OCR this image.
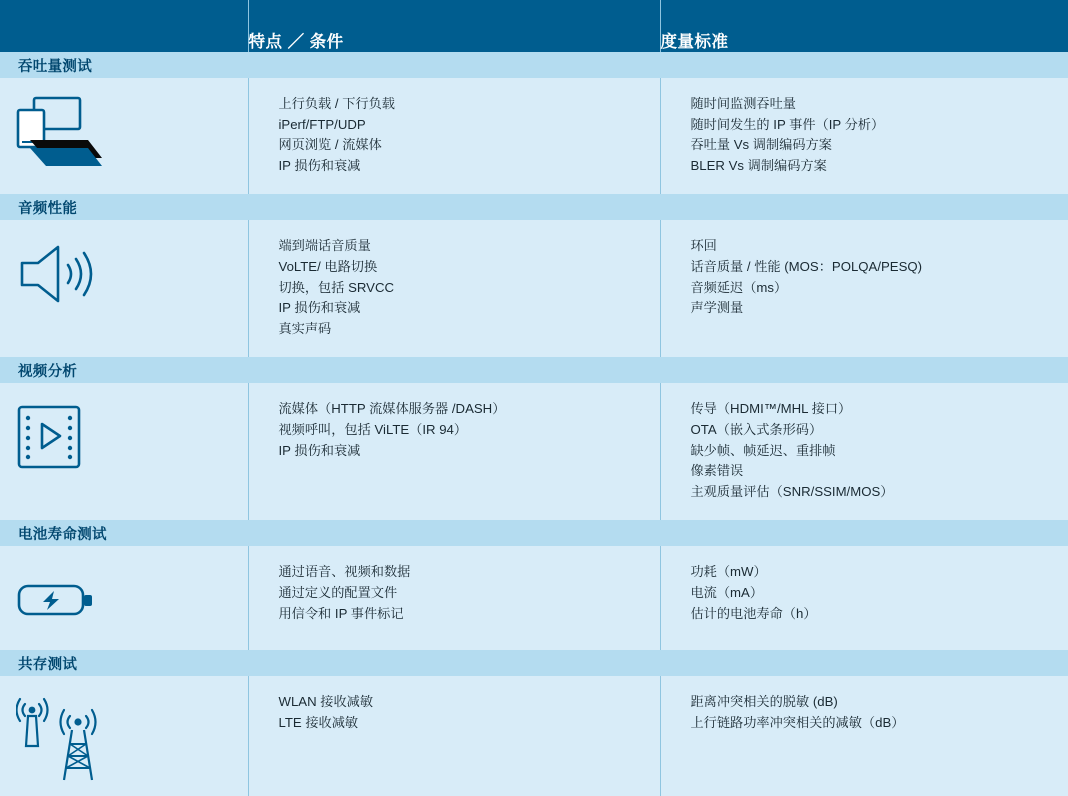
	特点 ／ 条件	度量标准

吞吐量测试		

上行负载 / 下行负载
iPerf/FTP/UDP
网页浏览 / 流媒体
IP 损伤和衰减

随时间监测吞吐量
随时间发生的 IP 事件（IP 分析）
吞吐量 Vs 调制编码方案
BLER Vs 调制编码方案

音频性能		

端到端话音质量
VoLTE/ 电路切换
切换，包括 SRVCC
IP 损伤和衰减
真实声码

环回
话音质量 / 性能 (MOS：POLQA/PESQ)
音频延迟（ms）
声学测量

视频分析		

流媒体（HTTP 流媒体服务器 /DASH）
视频呼叫，包括 ViLTE（IR 94）
IP 损伤和衰减

传导（HDMI™/MHL 接口）
OTA（嵌入式条形码）
缺少帧、帧延迟、重排帧
像素错误
主观质量评估（SNR/SSIM/MOS）

电池寿命测试		

通过语音、视频和数据
通过定义的配置文件
用信令和 IP 事件标记

功耗（mW）
电流（mA）
估计的电池寿命（h）

共存测试		

WLAN 接收减敏
LTE 接收减敏

距离冲突相关的脱敏 (dB)
上行链路功率冲突相关的减敏（dB）
